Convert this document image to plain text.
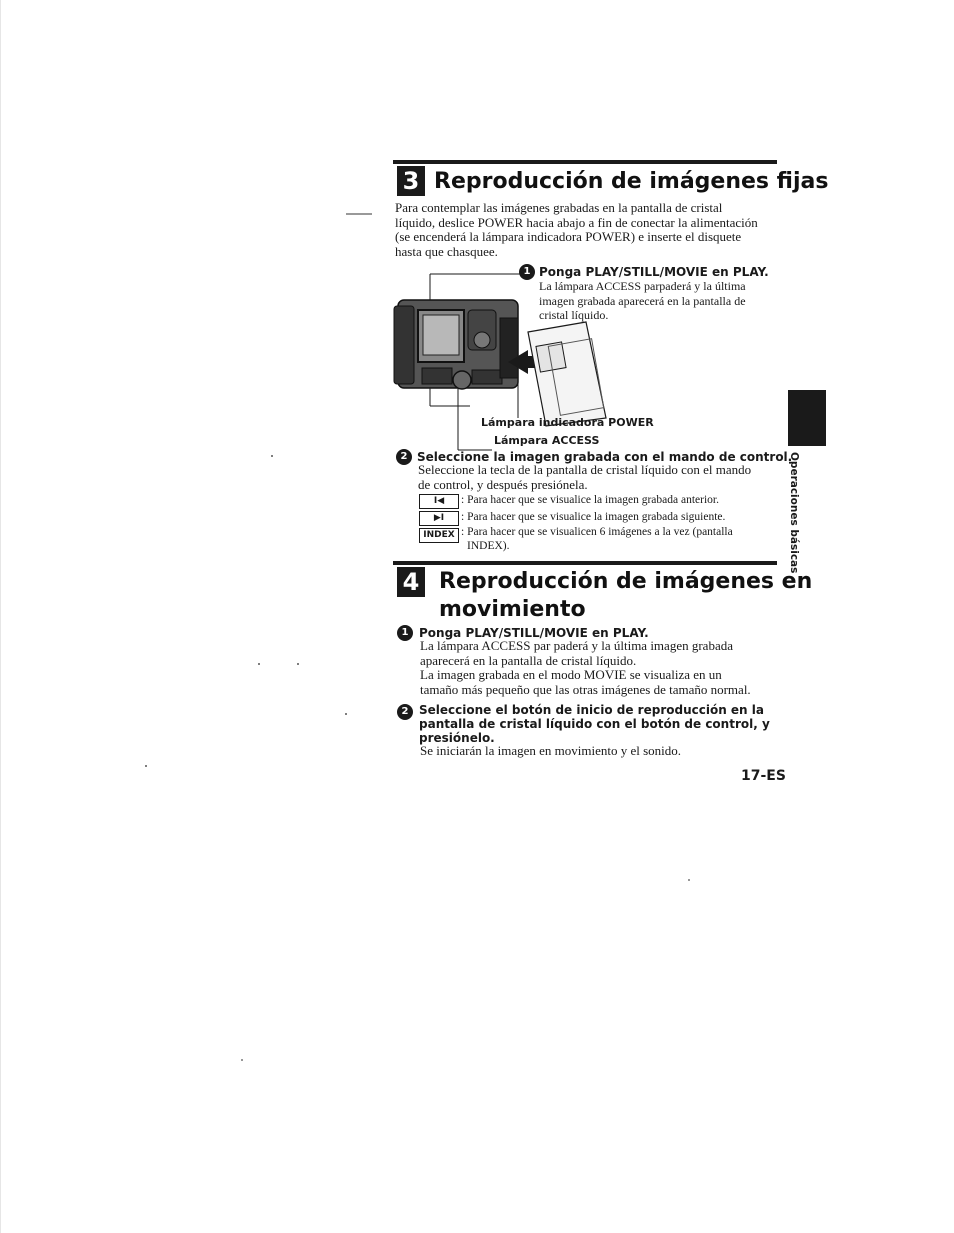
3 Reproducción de imágenes fijas
Para contemplar las imágenes grabadas en la pantalla de cristal
líquido, deslice POWER hacia abajo a fin de conectar la alimentación
(se encenderá la lámpara indicadora POWER) e inserte el disquete
hasta que chasquee.
1 Ponga PLAY/STILL/MOVIE en PLAY.
La lámpara ACCESS parpaderá y la última
imagen grabada aparecerá en la pantalla de
cristal líquido.
Lámpara indicadora POWER
Lámpara ACCESS
2 Seleccione la imagen grabada con el mando de control.
Seleccione la tecla de la pantalla de cristal líquido con el mando
de control, y después presiónela.
I◀	: Para hacer que se visualice la imagen grabada anterior.
▶I	: Para hacer que se visualice la imagen grabada siguiente.
INDEX : Para hacer que se visualicen 6 imágenes a la vez (pantalla
INDEX).
4 Reproducción de imágenes en
movimiento
1 Ponga PLAY/STILL/MOVIE en PLAY.
La lámpara ACCESS par paderá y la última imagen grabada
aparecerá en la pantalla de cristal líquido.
La imagen grabada en el modo MOVIE se visualiza en un
tamaño más pequeño que las otras imágenes de tamaño normal.
2 Seleccione el botón de inicio de reproducción en la
pantalla de cristal líquido con el botón de control, y
presiónelo.
Se iniciarán la imagen en movimiento y el sonido.
17-ES
Operaciones básicas
